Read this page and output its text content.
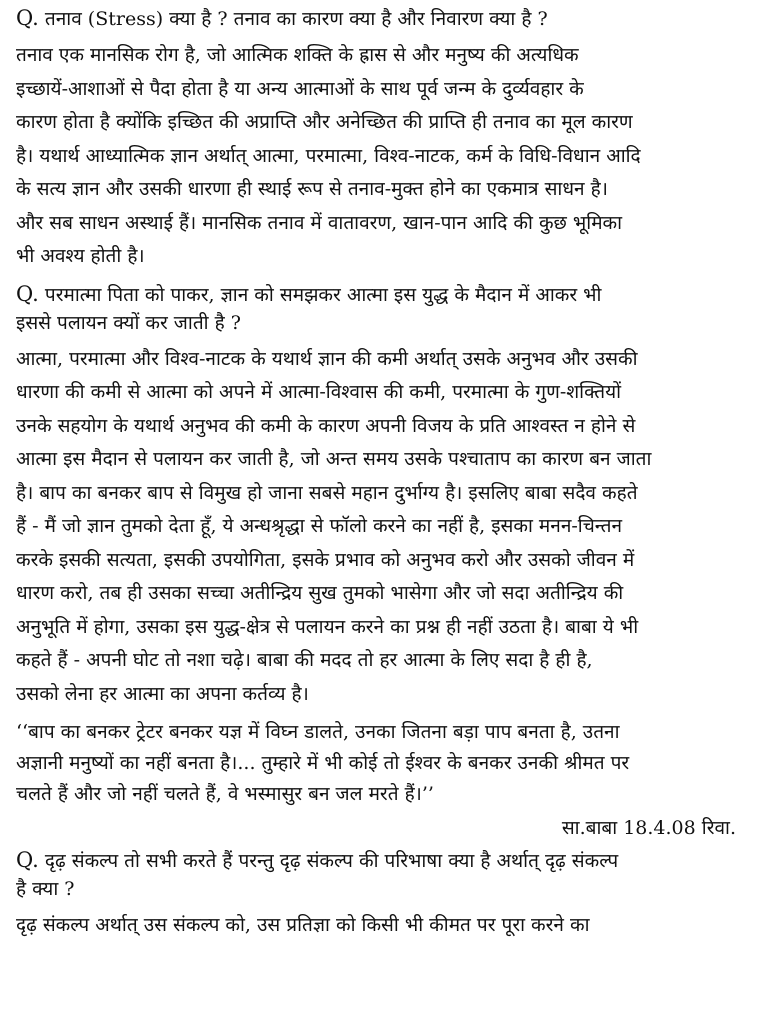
Q. तनाव (Stress) क्या है ? तनाव का कारण क्या है और निवारण क्या है ?
तनाव एक मानसिक रोग है, जो आत्मिक शक्ति के ह्रास से और मनुष्य की अत्यधिक
इच्छायें-आशाओं से पैदा होता है या अन्य आत्माओं के साथ पूर्व जन्म के दुर्व्यवहार के
कारण होता है क्योंकि इच्छित की अप्राप्ति और अनेच्छित की प्राप्ति ही तनाव का मूल कारण
है। यथार्थ आध्यात्मिक ज्ञान अर्थात् आत्मा, परमात्मा, विश्व-नाटक, कर्म के विधि-विधान आदि
के सत्य ज्ञान और उसकी धारणा ही स्थाई रूप से तनाव-मुक्त होने का एकमात्र साधन है।
और सब साधन अस्थाई हैं। मानसिक तनाव में वातावरण, खान-पान आदि की कुछ भूमिका
भी अवश्य होती है।
Q. परमात्मा पिता को पाकर, ज्ञान को समझकर आत्मा इस युद्ध के मैदान में आकर भी
इससे पलायन क्यों कर जाती है ?
आत्मा, परमात्मा और विश्व-नाटक के यथार्थ ज्ञान की कमी अर्थात् उसके अनुभव और उसकी
धारणा की कमी से आत्मा को अपने में आत्मा-विश्वास की कमी, परमात्मा के गुण-शक्तियों
उनके सहयोग के यथार्थ अनुभव की कमी के कारण अपनी विजय के प्रति आश्वस्त न होने से
आत्मा इस मैदान से पलायन कर जाती है, जो अन्त समय उसके पश्चाताप का कारण बन जाता
है। बाप का बनकर बाप से विमुख हो जाना सबसे महान दुर्भाग्य है। इसलिए बाबा सदैव कहते
हैं - मैं जो ज्ञान तुमको देता हूँ, ये अन्धश्रृद्धा से फॉलो करने का नहीं है, इसका मनन-चिन्तन
करके इसकी सत्यता, इसकी उपयोगिता, इसके प्रभाव को अनुभव करो और उसको जीवन में
धारण करो, तब ही उसका सच्चा अतीन्द्रिय सुख तुमको भासेगा और जो सदा अतीन्द्रिय की
अनुभूति में होगा, उसका इस युद्ध-क्षेत्र से पलायन करने का प्रश्न ही नहीं उठता है। बाबा ये भी
कहते हैं - अपनी घोट तो नशा चढ़े। बाबा की मदद तो हर आत्मा के लिए सदा है ही है,
उसको लेना हर आत्मा का अपना कर्तव्य है।
‘‘बाप का बनकर ट्रेटर बनकर यज्ञ में विघ्न डालते, उनका जितना बड़ा पाप बनता है, उतना
अज्ञानी मनुष्यों का नहीं बनता है।... तुम्हारे में भी कोई तो ईश्वर के बनकर उनकी श्रीमत पर
चलते हैं और जो नहीं चलते हैं, वे भस्मासुर बन जल मरते हैं।’’
सा.बाबा 18.4.08 रिवा.
Q. दृढ़ संकल्प तो सभी करते हैं परन्तु दृढ़ संकल्प की परिभाषा क्या है अर्थात् दृढ़ संकल्प
है क्या ?
दृढ़ संकल्प अर्थात् उस संकल्प को, उस प्रतिज्ञा को किसी भी कीमत पर पूरा करने का
